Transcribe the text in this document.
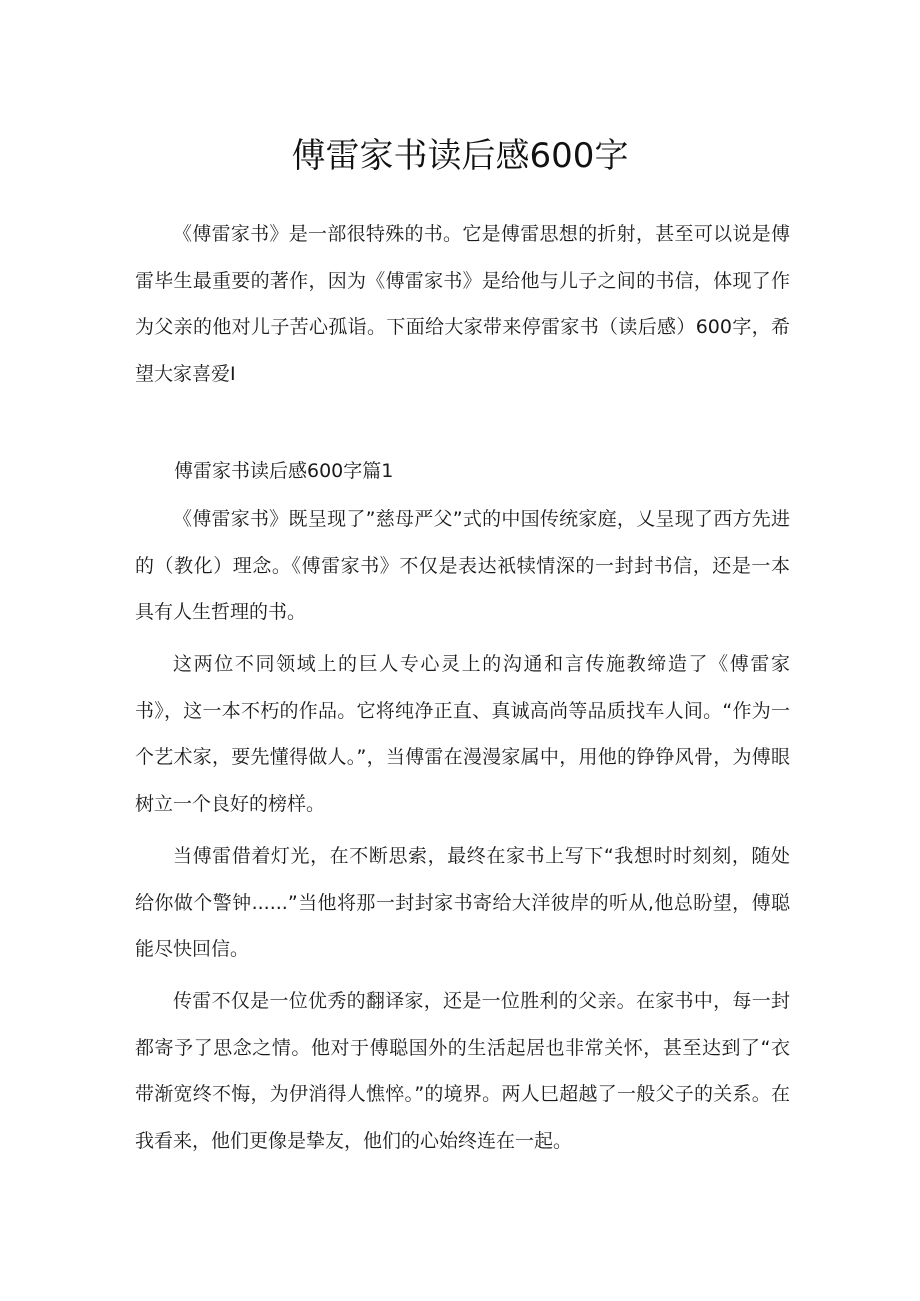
傅雷家书读后感600字

《傅雷家书》是一部很特殊的书。它是傅雷思想的折射，甚至可以说是傅雷毕生最重要的著作，因为《傅雷家书》是给他与儿子之间的书信，体现了作为父亲的他对儿子苦心孤诣。下面给大家带来停雷家书（读后感）600字，希望大家喜爱I

傅雷家书读后感600字篇1

《傅雷家书》既呈现了”慈母严父”式的中国传统家庭，乂呈现了西方先进的（教化）理念。《傅雷家书》不仅是表达祇犊情深的一封封书信，还是一本具有人生哲理的书。

这两位不同领域上的巨人专心灵上的沟通和言传施教缔造了《傅雷家书》，这一本不朽的作品。它将纯净正直、真诚高尚等品质找车人间。“作为一个艺术家，要先懂得做人。”，当傅雷在漫漫家属中，用他的铮铮风骨，为傅眼树立一个良好的榜样。

当傅雷借着灯光，在不断思索，最终在家书上写下“我想时时刻刻，随处给你做个警钟......”当他将那一封封家书寄给大洋彼岸的听从,他总盼望，傅聪能尽快回信。

传雷不仅是一位优秀的翻译家，还是一位胜利的父亲。在家书中，每一封都寄予了思念之情。他对于傅聪国外的生活起居也非常关怀，甚至达到了“衣带渐宽终不悔，为伊消得人憔悴。”的境界。两人巳超越了一般父子的关系。在我看来，他们更像是挚友，他们的心始终连在一起。
